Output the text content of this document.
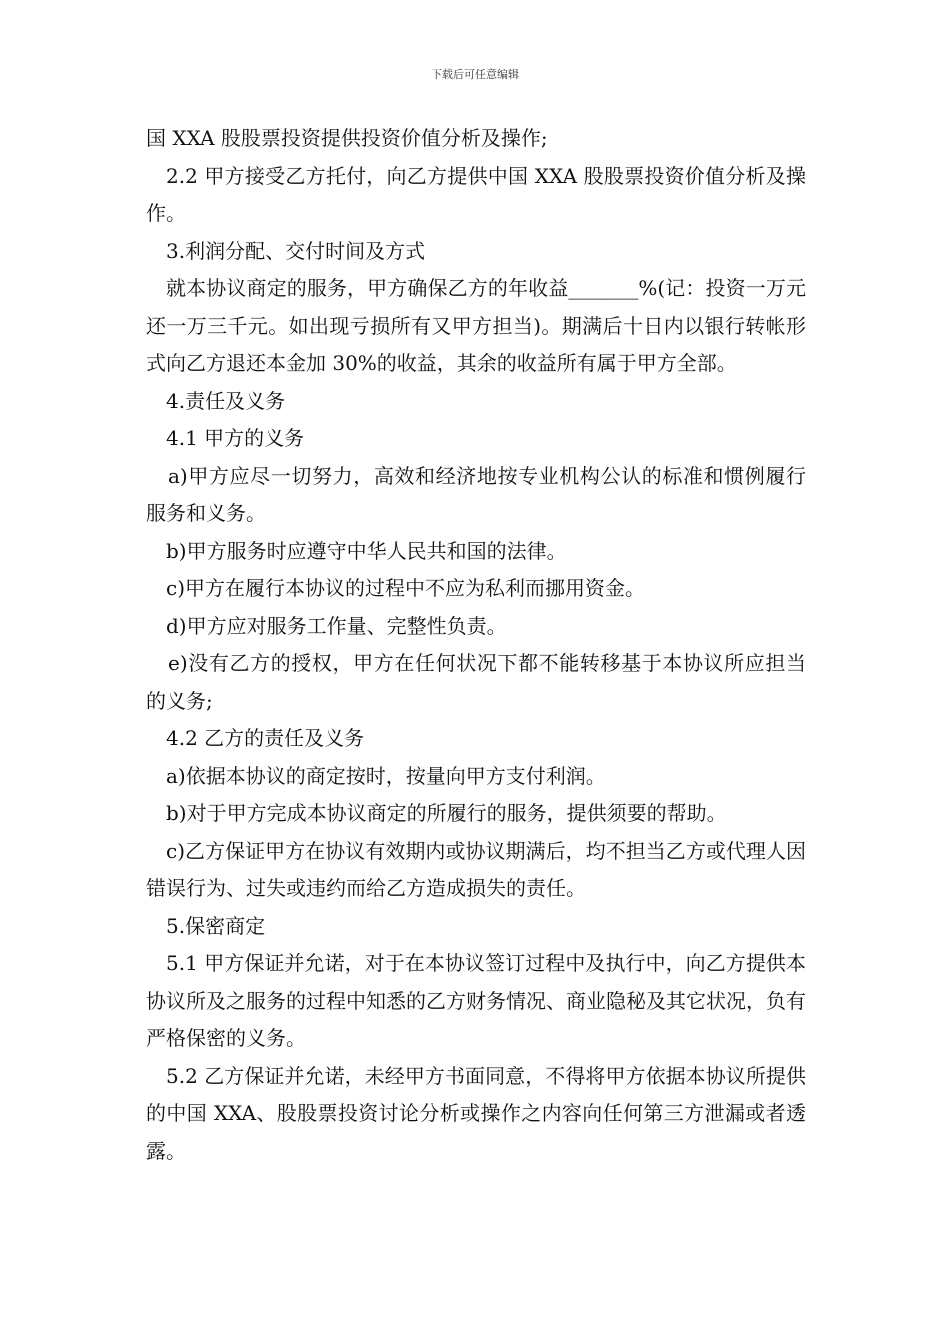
下载后可任意编辑

国 XXA 股股票投资提供投资价值分析及操作;

2.2 甲方接受乙方托付，向乙方提供中国 XXA 股股票投资价值分析及操作。

3.利润分配、交付时间及方式

就本协议商定的服务，甲方确保乙方的年收益_______%(记：投资一万元还一万三千元。如出现亏损所有又甲方担当)。期满后十日内以银行转帐形式向乙方退还本金加 30%的收益，其余的收益所有属于甲方全部。

4.责任及义务

4.1 甲方的义务

a)甲方应尽一切努力，高效和经济地按专业机构公认的标准和惯例履行服务和义务。

b)甲方服务时应遵守中华人民共和国的法律。

c)甲方在履行本协议的过程中不应为私利而挪用资金。

d)甲方应对服务工作量、完整性负责。

e)没有乙方的授权，甲方在任何状况下都不能转移基于本协议所应担当的义务;

4.2 乙方的责任及义务

a)依据本协议的商定按时，按量向甲方支付利润。

b)对于甲方完成本协议商定的所履行的服务，提供须要的帮助。

c)乙方保证甲方在协议有效期内或协议期满后，均不担当乙方或代理人因错误行为、过失或违约而给乙方造成损失的责任。

5.保密商定

5.1 甲方保证并允诺，对于在本协议签订过程中及执行中，向乙方提供本协议所及之服务的过程中知悉的乙方财务情况、商业隐秘及其它状况，负有严格保密的义务。

5.2 乙方保证并允诺，未经甲方书面同意，不得将甲方依据本协议所提供的中国 XXA、股股票投资讨论分析或操作之内容向任何第三方泄漏或者透露。
